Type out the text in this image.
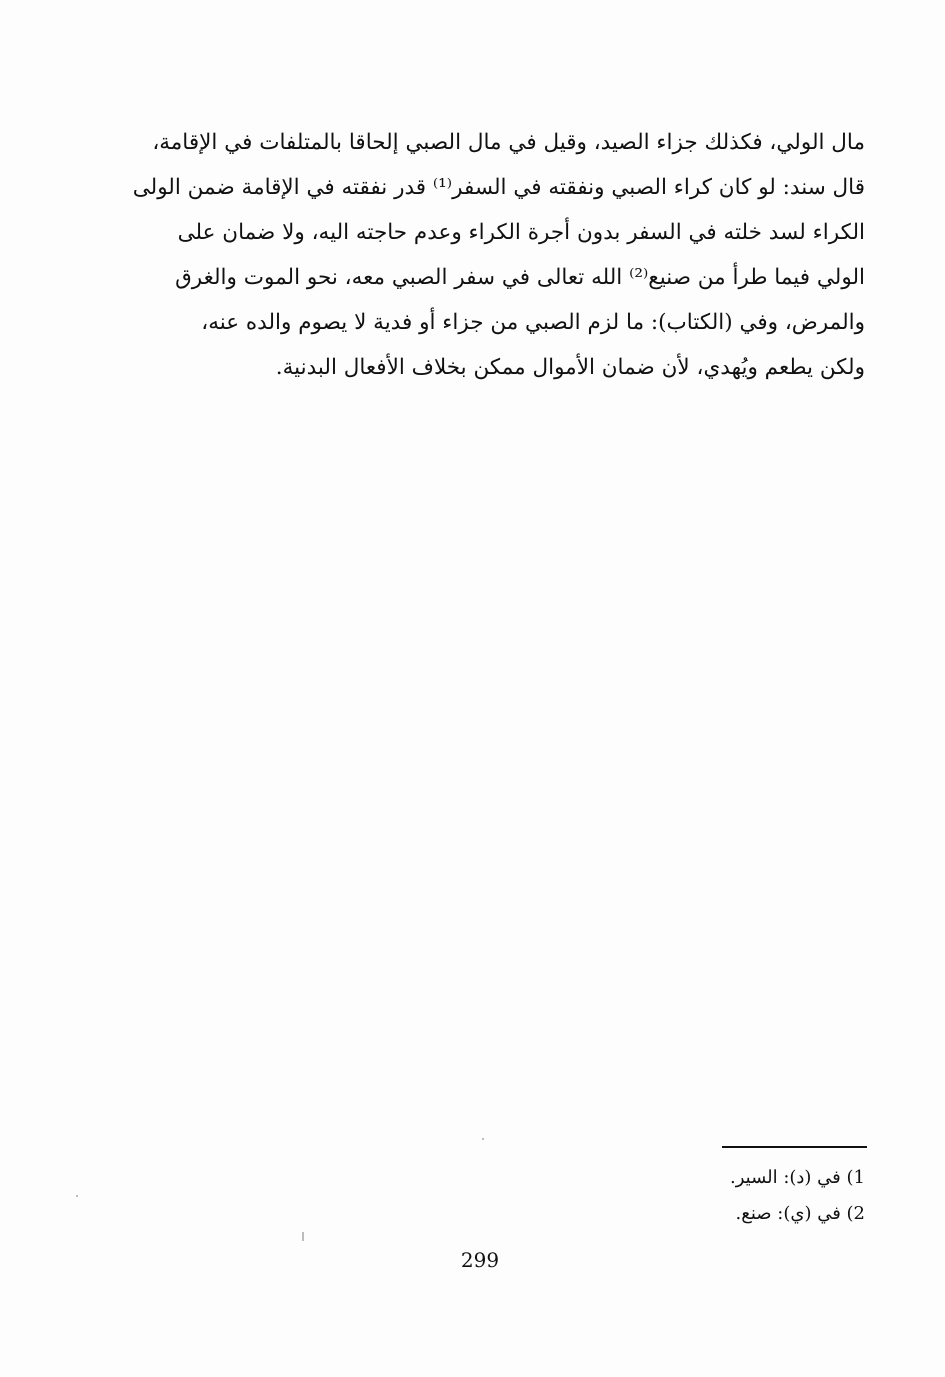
مال الولي، فكذلك جزاء الصيد، وقيل في مال الصبي إلحاقا بالمتلفات في الإقامة،
قال سند: لو كان كراء الصبي ونفقته في السفر⁽¹⁾ قدر نفقته في الإقامة ضمن الولى
الكراء لسد خلته في السفر بدون أجرة الكراء وعدم حاجته اليه، ولا ضمان على
الولي فيما طرأ من صنيع⁽²⁾ الله تعالى في سفر الصبي معه، نحو الموت والغرق
والمرض، وفي (الكتاب): ما لزم الصبي من جزاء أو فدية لا يصوم والده عنه،
ولكن يطعم ويُهدي، لأن ضمان الأموال ممكن بخلاف الأفعال البدنية.
1) في (د): السير.
2) في (ي): صنع.
299
